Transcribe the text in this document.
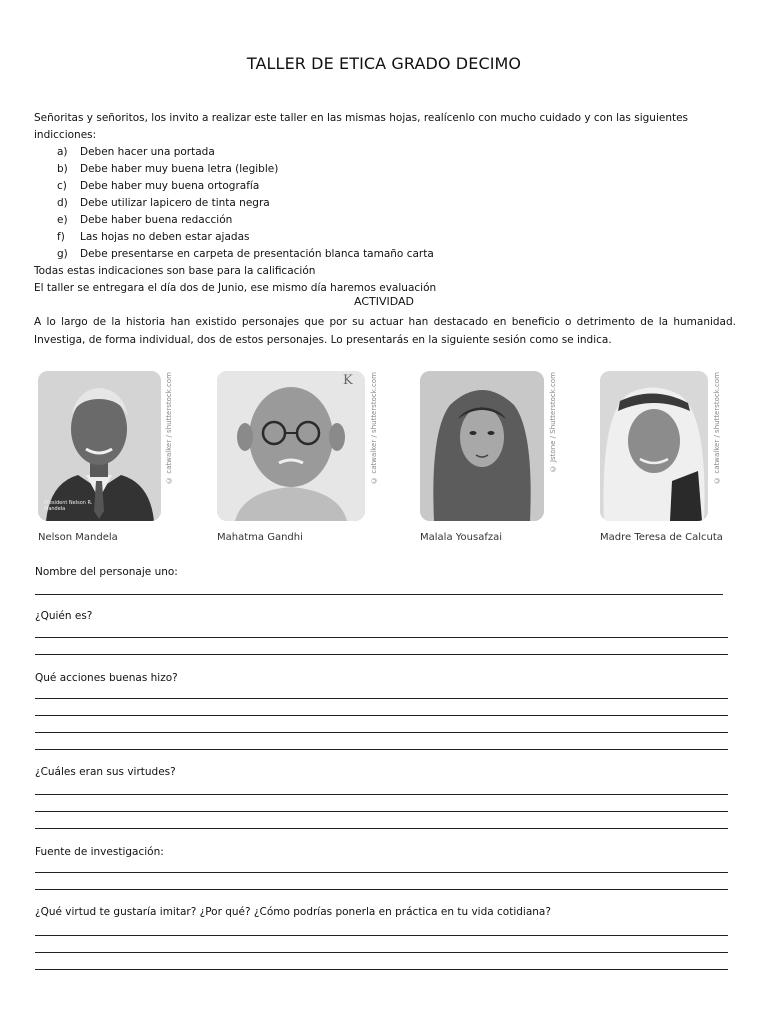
TALLER DE ETICA GRADO DECIMO

Señoritas y señoritos, los invito a realizar este taller en las mismas hojas, realícenlo con mucho cuidado y con las siguientes indicciones:

a)	Deben hacer una portada
b)	Debe haber muy buena letra (legible)
c)	Debe haber muy buena ortografía
d)	Debe utilizar lapicero de tinta negra
e)	Debe haber buena redacción
f)	Las hojas no deben estar ajadas
g)	Debe presentarse en carpeta de presentación blanca tamaño carta

Todas estas indicaciones son base para la calificación

El taller se entregara el día dos de Junio, ese mismo día haremos evaluación

ACTIVIDAD

A lo largo de la historia han existido personajes que por su actuar han destacado en beneficio o detrimento de la humanidad. Investiga, de forma individual, dos de estos personajes. Lo presentarás en la siguiente sesión como se indica.

© catwalker / shutterstock.com
President Nelson R. Mandela
Nelson Mandela
K © catwalker / shutterstock.com
Mahatma Gandhi
© Jstone / Shutterstock.com
Malala Yousafzai
© catwalker / shutterstock.com
Madre Teresa de Calcuta
Nombre del personaje uno:
¿Quién es?
Qué acciones buenas hizo?
¿Cuáles eran sus virtudes?
Fuente de investigación:
¿Qué virtud te gustaría imitar? ¿Por qué? ¿Cómo podrías ponerla en práctica en tu vida cotidiana?
